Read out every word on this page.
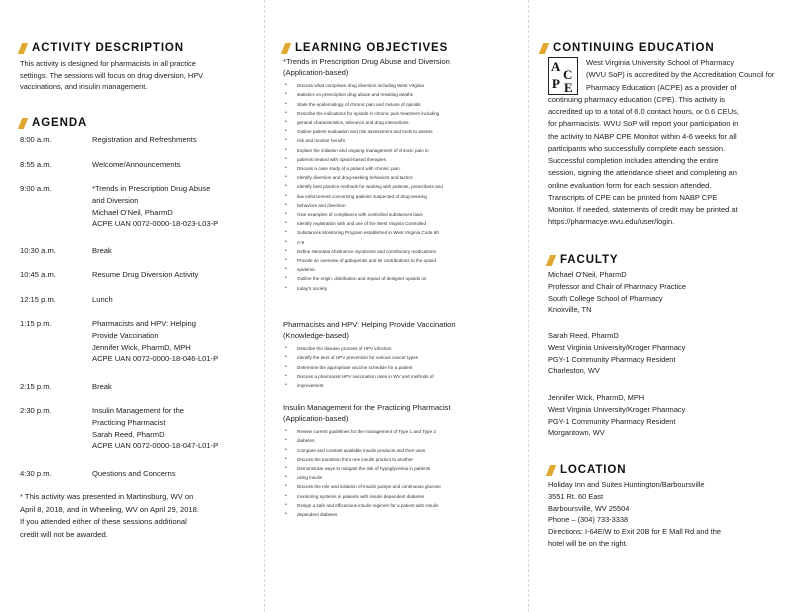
ACTIVITY DESCRIPTION
This activity is designed for pharmacists in all practice
settings. The sessions will focus on drug diversion, HPV
vaccinations, and insulin management.
AGENDA
8:00 a.m.	Registration and Refreshments
8:55 a.m.	Welcome/Announcements
9:00 a.m.	*Trends in Prescription Drug Abuse
and Diversion
Michael O'Neil, PharmD
ACPE UAN 0072-0000-18-023-L03-P
10:30 a.m.	Break
10:45 a.m.	Resume Drug Diversion Activity
12:15 p.m.	Lunch
1:15 p.m.	Pharmacists and HPV: Helping
Provide Vaccination
Jennifer Wick, PharmD, MPH
ACPE UAN 0072-0000-18-046-L01-P
2:15 p.m.	Break
2:30 p.m.	Insulin Management for the
Practicing Pharmacist
Sarah Reed, PharmD
ACPE UAN 0072-0000-18-047-L01-P
4:30 p.m.	Questions and Concerns
* This activity was presented in Martinsburg, WV on
April 8, 2018, and in Wheeling, WV on April 29, 2018.
If you attended either of these sessions additional
credit will not be awarded.
LEARNING OBJECTIVES
*Trends in Prescription Drug Abuse and Diversion
(Application-based)
• Discuss what comprises drug diversion including West Virginia
• statistics on prescription drug abuse and resulting deaths
• State the epidemiology of chronic pain and misuse of opioids
• Describe the indications for opioids in chronic pain treatment including
• general characteristics, tolerance and drug interactions
• Outline patient evaluation and risk assessment and tools to assess
• risk and monitor benefit
• Explain the initiation and ongoing management of chronic pain in
• patients treated with opioid-based therapies
• Discuss a case study of a patient with chronic pain
• Identify diversion and drug-seeking behaviors and tactics
• Identify best practice methods for working with patients, prescribers and
• law enforcement concerning patients suspected of drug-seeking
• behaviors and diversion
• Give examples of compliance with controlled substances laws
• Identify registration with and use of the West Virginia Controlled
• Substances Monitoring Program established in West Virginia Code 60
• A-9
• Define Neonatal Abstinence Syndrome and contributory medications
• Provide an overview of gabapentin and its contributions to the opioid
• epidemic
• Outline the origin, distribution and impact of designer opioids on
• today's society
Pharmacists and HPV: Helping Provide Vaccination
(Knowledge-based)
• Describe the disease process of HPV infection
• Identify the tiers of HPV prevention for various cancer types
• Determine the appropriate vaccine schedule for a patient
• Discuss a pharmacist HPV vaccination rates in WV and methods of
• improvement
Insulin Management for the Practicing Pharmacist
(Application-based)
• Review current guidelines for the management of Type 1 and Type 2
• diabetes
• Compare and contrast available insulin products and their uses
• Discuss the transition from one insulin product to another
• Demonstrate ways to mitigate the risk of hypoglycemia in patients
• using insulin
• Discuss the role and initiation of insulin pumps and continuous glucose
• monitoring systems in patients with insulin dependent diabetes
• Design a safe and efficacious insulin regimen for a patient with insulin
• dependent diabetes
CONTINUING EDUCATION
A
C
P E
West Virginia University School of Pharmacy
(WVU SoP) is accredited by the Accreditation Council for
Pharmacy Education (ACPE) as a provider of
continuing pharmacy education (CPE). This activity is
accredited up to a total of 6.0 contact hours, or 0.6 CEUs,
for pharmacists. WVU SoP will report your participation in
the activity to NABP CPE Monitor within 4-6 weeks for all
participants who successfully complete each session.
Successful completion includes attending the entire
session, signing the attendance sheet and completing an
online evaluation form for each session attended.
Transcripts of CPE can be printed from NABP CPE
Monitor. If needed, statements of credit may be printed at
https://pharmacye.wvu.edu/user/login.
FACULTY
Michael O'Neil, PharmD
Professor and Chair of Pharmacy Practice
South College School of Pharmacy
Knoxville, TN
Sarah Reed, PharmD
West Virginia University/Kroger Pharmacy
PGY-1 Community Pharmacy Resident
Charleston, WV
Jennifer Wick, PharmD, MPH
West Virginia University/Kroger Pharmacy
PGY-1 Community Pharmacy Resident
Morgantown, WV
LOCATION
Holiday Inn and Suites Huntington/Barboursville
3551 Rt. 60 East
Barboursville, WV 25504
Phone – (304) 733-3338
Directions: I-64E/W to Exit 20B for E Mall Rd and the
hotel will be on the right.
